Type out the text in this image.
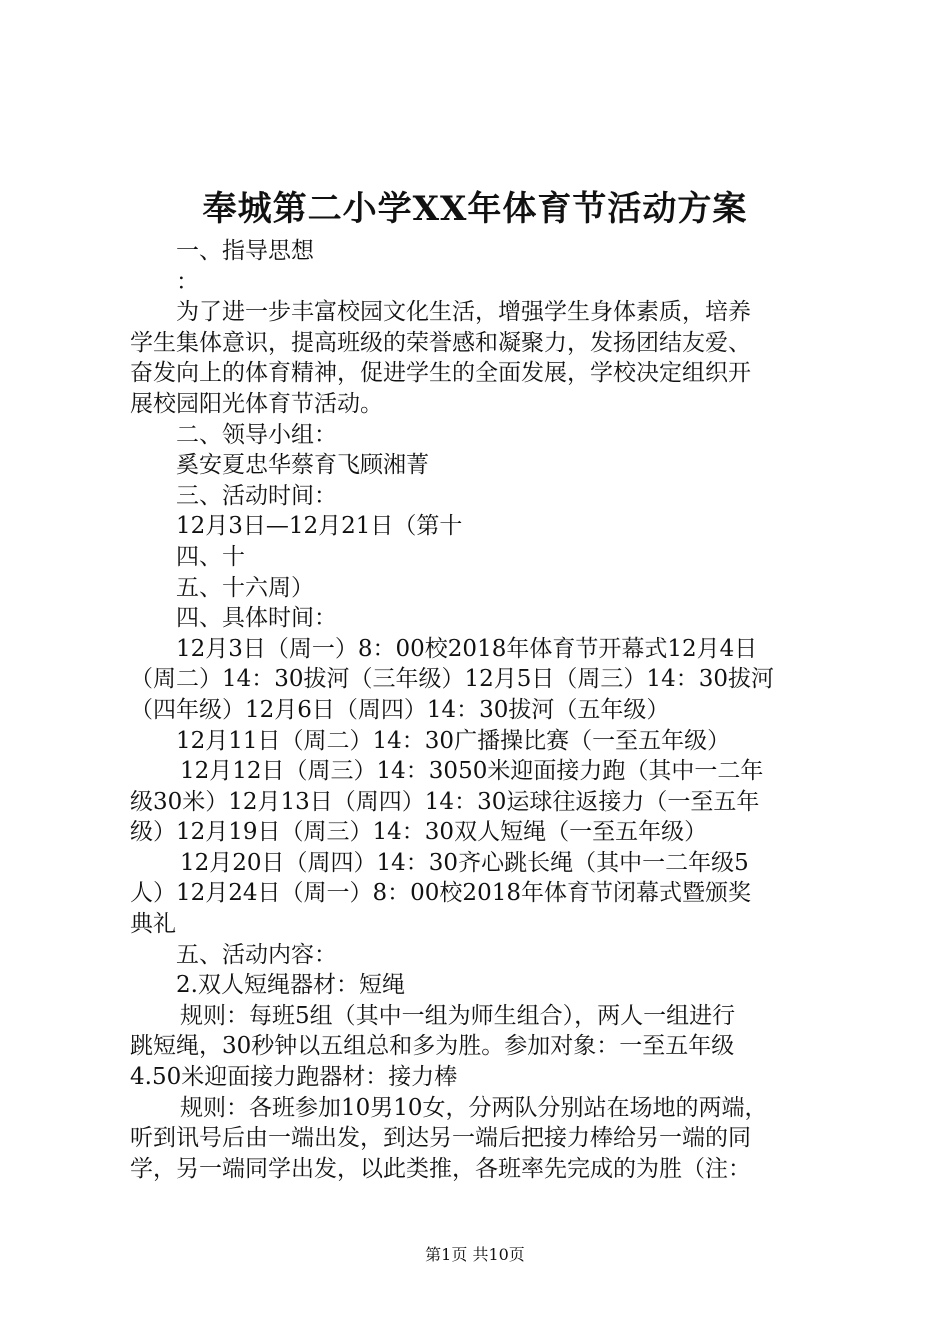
奉城第二小学XX年体育节活动方案
一、指导思想
：
为了进一步丰富校园文化生活，增强学生身体素质，培养
学生集体意识，提高班级的荣誉感和凝聚力，发扬团结友爱、
奋发向上的体育精神，促进学生的全面发展，学校决定组织开
展校园阳光体育节活动。
二、领导小组：
奚安夏忠华蔡育飞顾湘菁
三、活动时间：
12月3日—12月21日（第十
四、十
五、十六周）
四、具体时间：
12月3日（周一）8：00校2018年体育节开幕式12月4日
（周二）14：30拔河（三年级）12月5日（周三）14：30拔河
（四年级）12月6日（周四）14：30拔河（五年级）
12月11日（周二）14：30广播操比赛（一至五年级）
12月12日（周三）14：3050米迎面接力跑（其中一二年
级30米）12月13日（周四）14：30运球往返接力（一至五年
级）12月19日（周三）14：30双人短绳（一至五年级）
12月20日（周四）14：30齐心跳长绳（其中一二年级5
人）12月24日（周一）8：00校2018年体育节闭幕式暨颁奖
典礼
五、活动内容：
2.双人短绳器材：短绳
规则：每班5组（其中一组为师生组合），两人一组进行
跳短绳，30秒钟以五组总和多为胜。参加对象：一至五年级
4.50米迎面接力跑器材：接力棒
规则：各班参加10男10女，分两队分别站在场地的两端，
听到讯号后由一端出发，到达另一端后把接力棒给另一端的同
学，另一端同学出发，以此类推，各班率先完成的为胜（注：
第1页 共10页
